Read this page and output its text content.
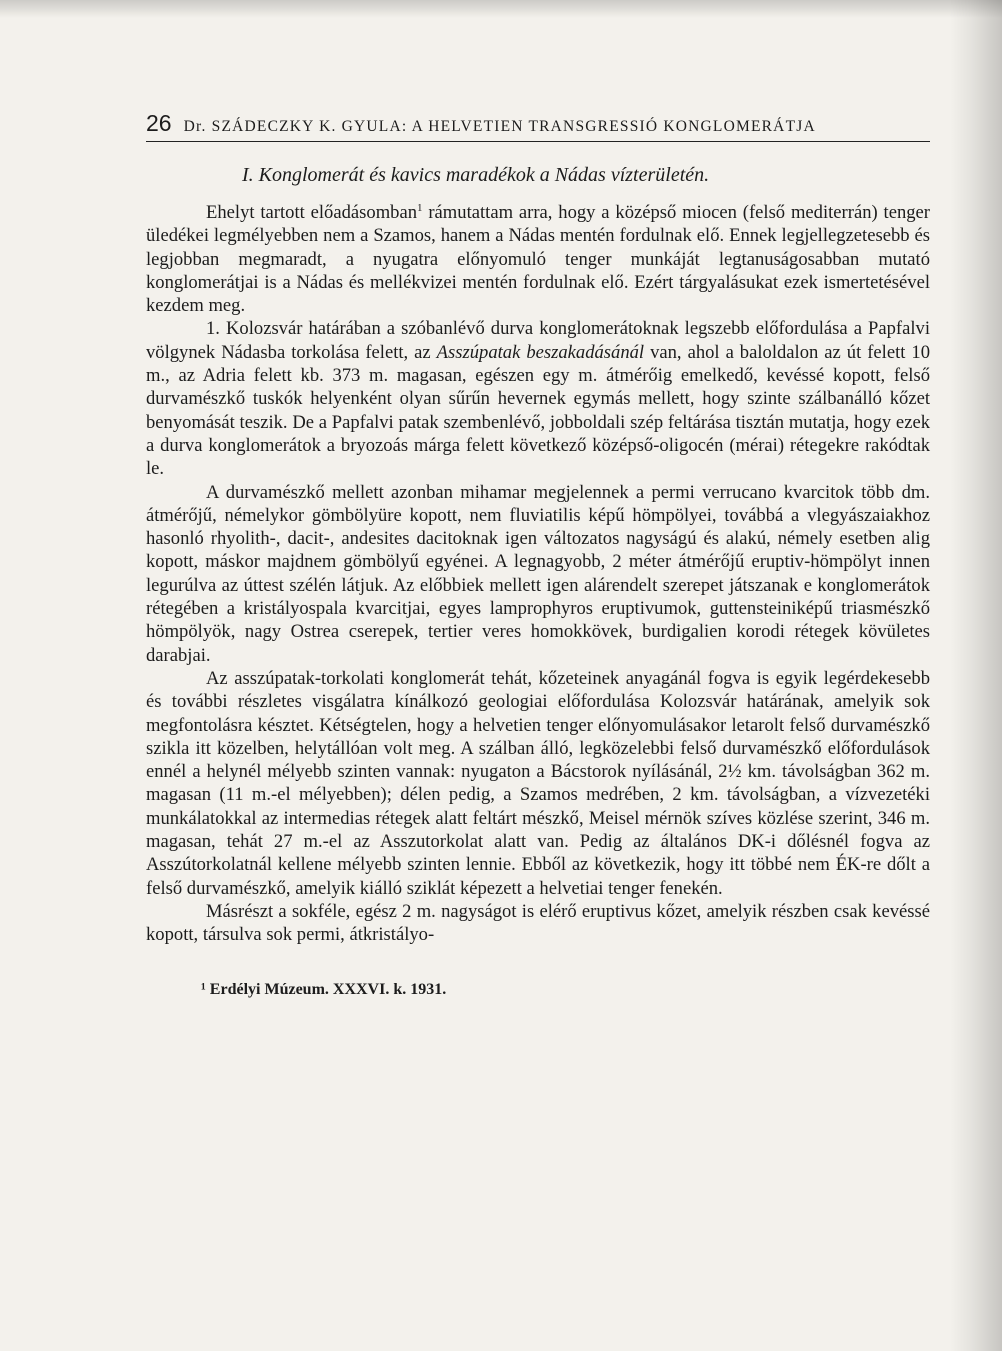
26 Dr. SZÁDECZKY K. GYULA: A HELVETIEN TRANSGRESSIÓ KONGLOMERÁTJA
I. Konglomerát és kavics maradékok a Nádas vízterületén.

Ehelyt tartott előadásomban$^1$ rámutattam arra, hogy a középső miocen (felső mediterrán) tenger üledékei legmélyebben nem a Szamos, hanem a Nádas mentén fordulnak elő. Ennek legjellegzetesebb és legjobban megmaradt, a nyugatra előnyomuló tenger munkáját legtanuságosabban mutató konglomerátjai is a Nádas és mellékvizei mentén fordulnak elő. Ezért tárgyalásukat ezek ismertetésével kezdem meg.

1. Kolozsvár határában a szóbanlévő durva konglomerátoknak legszebb előfordulása a Papfalvi völgynek Nádasba torkolása felett, az Asszúpatak beszakadásánál van, ahol a baloldalon az út felett 10 m., az Adria felett kb. 373 m. magasan, egészen egy m. átmérőig emelkedő, kevéssé kopott, felső durvamészkő tuskók helyenként olyan sűrűn hevernek egymás mellett, hogy szinte szálbanálló kőzet benyomását teszik. De a Papfalvi patak szembenlévő, jobboldali szép feltárása tisztán mutatja, hogy ezek a durva konglomerátok a bryozoás márga felett következő középső-oligocén (mérai) rétegekre rakódtak le.

A durvamészkő mellett azonban mihamar megjelennek a permi verrucano kvarcitok több dm. átmérőjű, némelykor gömbölyüre kopott, nem fluviatilis képű hömpölyei, továbbá a vlegyászaiakhoz hasonló rhyolith-, dacit-, andesites dacitoknak igen változatos nagyságú és alakú, némely esetben alig kopott, máskor majdnem gömbölyű egyénei. A legnagyobb, 2 méter átmérőjű eruptiv-hömpölyt innen legurúlva az úttest szélén látjuk. Az előbbiek mellett igen alárendelt szerepet játszanak e konglomerátok rétegében a kristályospala kvarcitjai, egyes lamprophyros eruptivumok, guttensteiniképű triasmészkő hömpölyök, nagy Ostrea cserepek, tertier veres homokkövek, burdigalien korodi rétegek kövületes darabjai.

Az asszúpatak-torkolati konglomerát tehát, kőzeteinek anyagánál fogva is egyik legérdekesebb és további részletes visgálatra kínálkozó geologiai előfordulása Kolozsvár határának, amelyik sok megfontolásra késztet. Kétségtelen, hogy a helvetien tenger előnyomulásakor letarolt felső durvamészkő szikla itt közelben, helytállóan volt meg. A szálban álló, legközelebbi felső durvamészkő előfordulások ennél a helynél mélyebb szinten vannak: nyugaton a Bácstorok nyílásánál, 2½ km. távolságban 362 m. magasan (11 m.-el mélyebben); délen pedig, a Szamos medrében, 2 km. távolságban, a vízvezetéki munkálatokkal az intermedias rétegek alatt feltárt mészkő, Meisel mérnök szíves közlése szerint, 346 m. magasan, tehát 27 m.-el az Asszutorkolat alatt van. Pedig az általános DK-i dőlésnél fogva az Asszútorkolatnál kellene mélyebb szinten lennie. Ebből az következik, hogy itt többé nem ÉK-re dőlt a felső durvamészkő, amelyik kiálló sziklát képezett a helvetiai tenger fenekén.

Másrészt a sokféle, egész 2 m. nagyságot is elérő eruptivus kőzet, amelyik részben csak kevéssé kopott, társulva sok permi, átkristályo-

¹ Erdélyi Múzeum. XXXVI. k. 1931.
